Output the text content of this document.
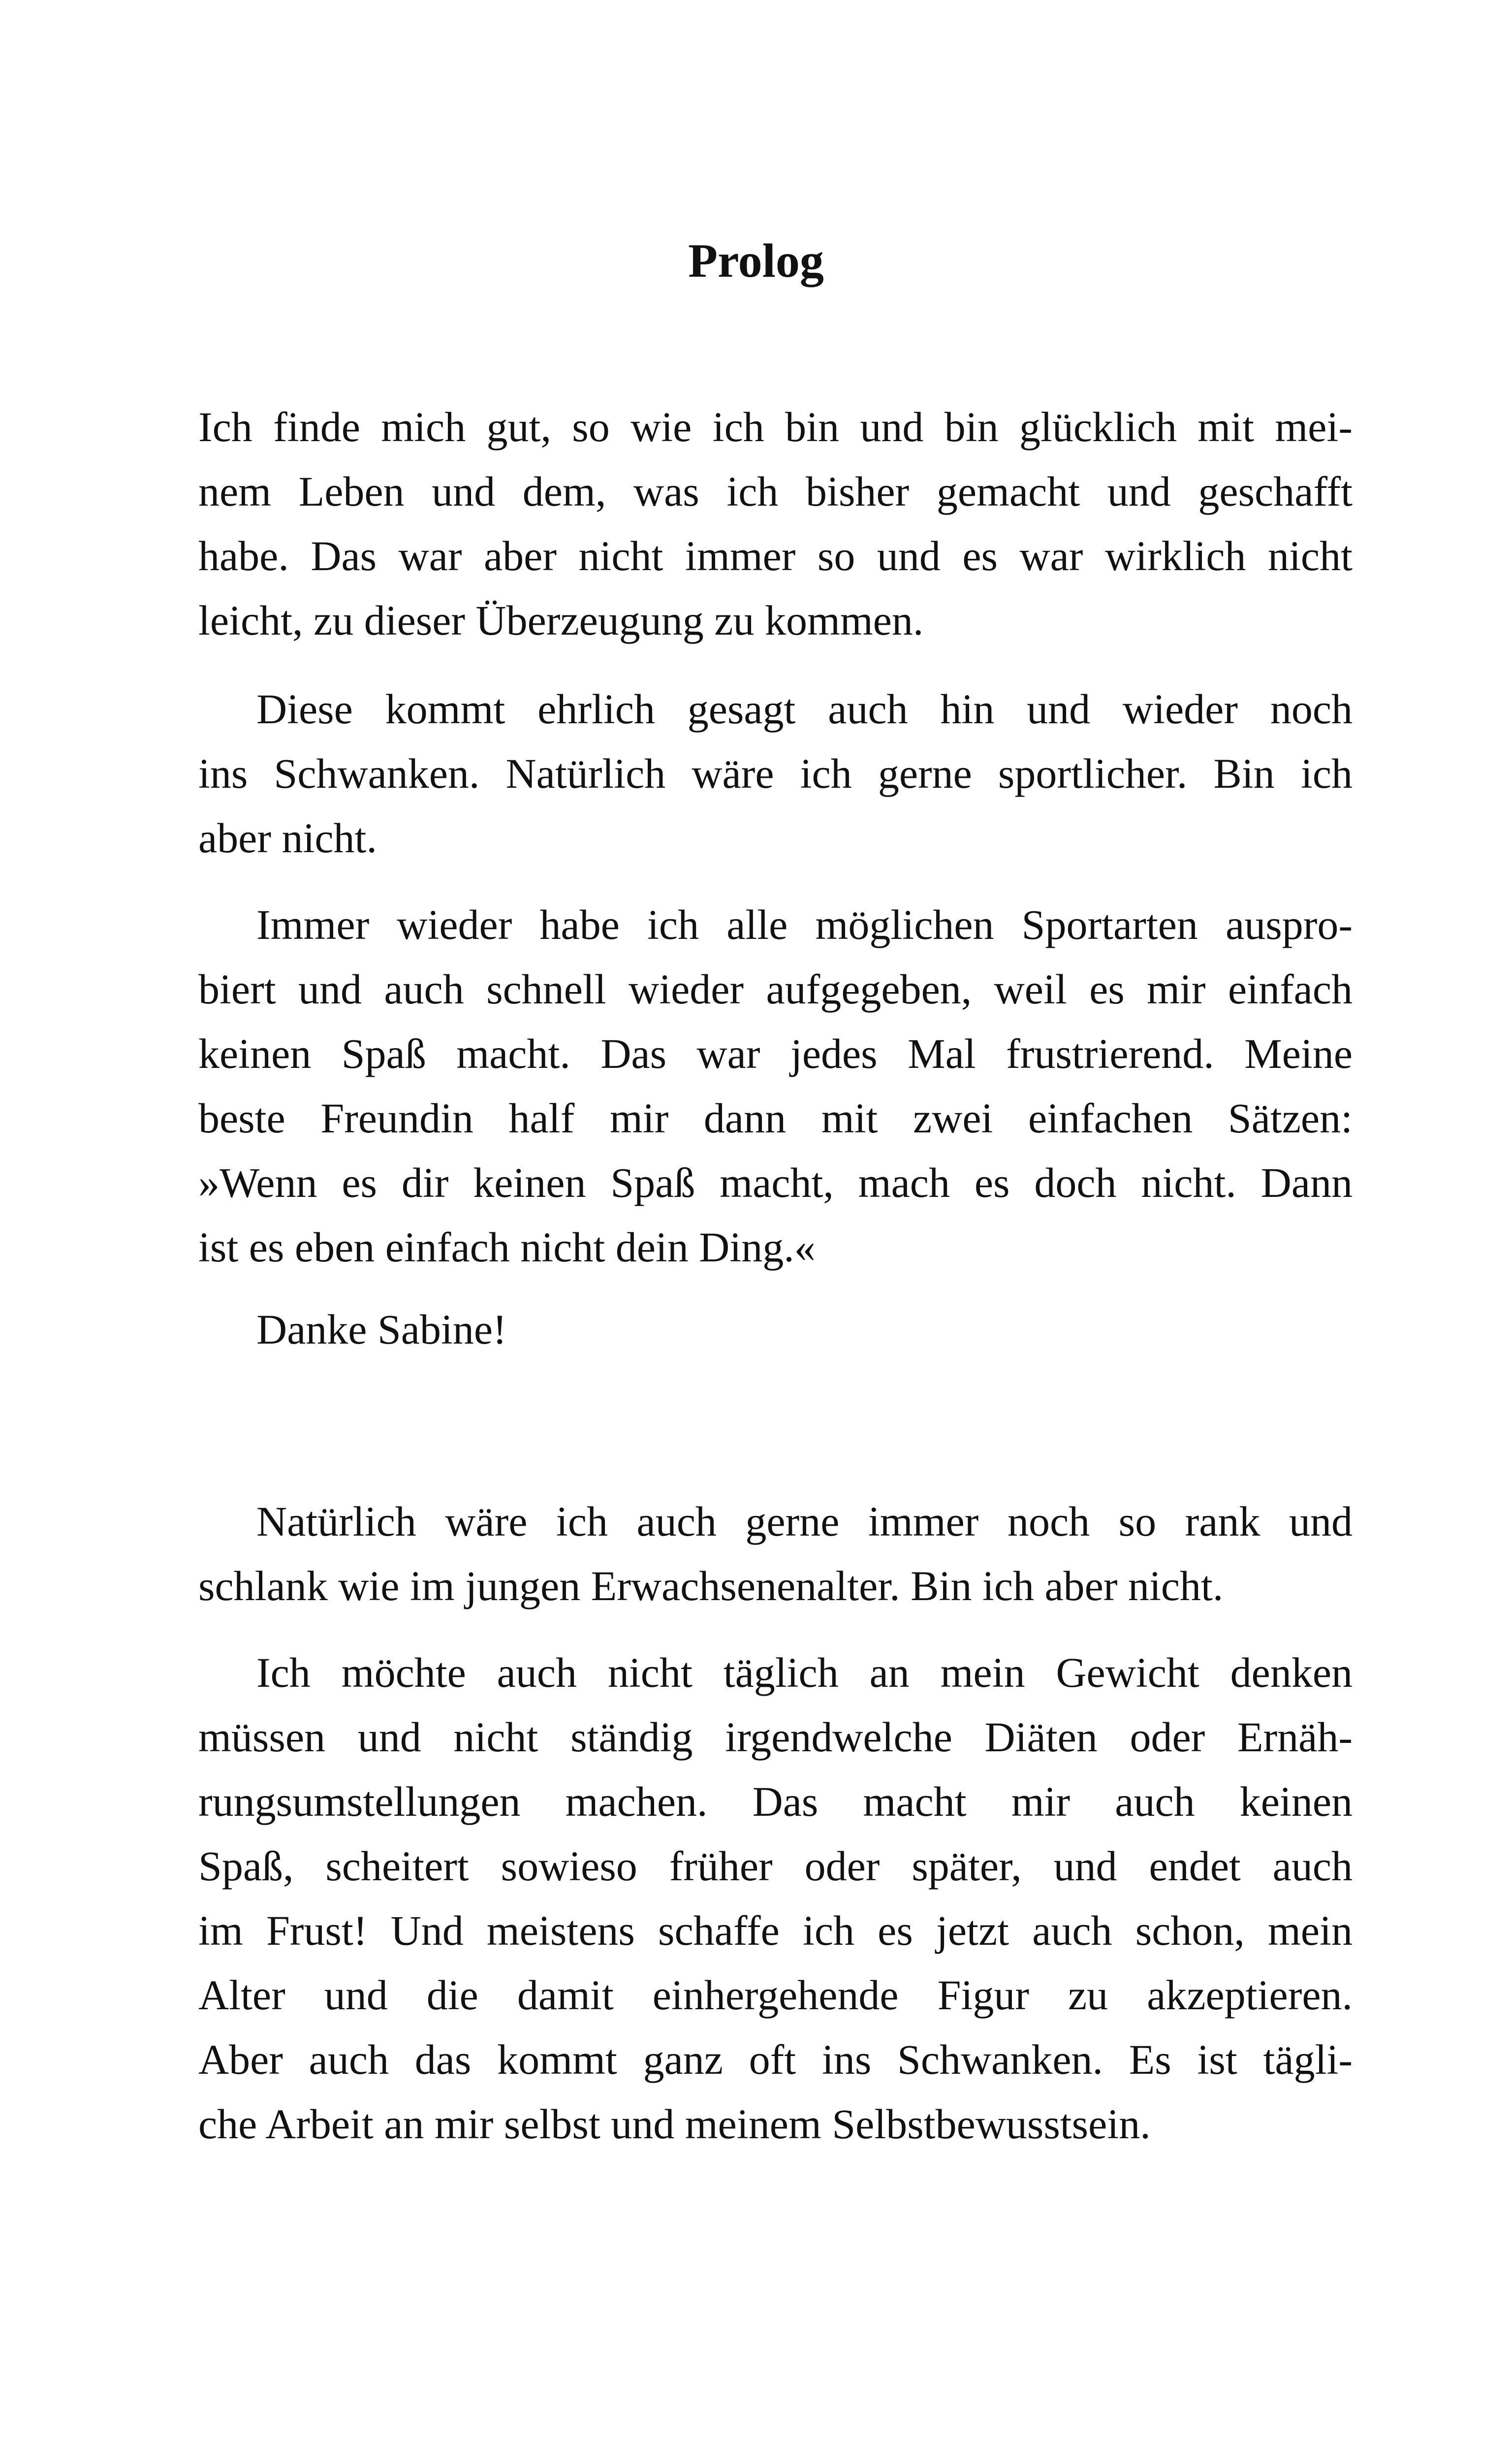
Prolog
Ich finde mich gut, so wie ich bin und bin glücklich mit mei-
nem Leben und dem, was ich bisher gemacht und geschafft
habe. Das war aber nicht immer so und es war wirklich nicht
leicht, zu dieser Überzeugung zu kommen.
Diese kommt ehrlich gesagt auch hin und wieder noch
ins Schwanken. Natürlich wäre ich gerne sportlicher. Bin ich
aber nicht.
Immer wieder habe ich alle möglichen Sportarten auspro-
biert und auch schnell wieder aufgegeben, weil es mir einfach
keinen Spaß macht. Das war jedes Mal frustrierend. Meine
beste Freundin half mir dann mit zwei einfachen Sätzen:
»Wenn es dir keinen Spaß macht, mach es doch nicht. Dann
ist es eben einfach nicht dein Ding.«
Danke Sabine!
Natürlich wäre ich auch gerne immer noch so rank und
schlank wie im jungen Erwachsenenalter. Bin ich aber nicht.
Ich möchte auch nicht täglich an mein Gewicht denken
müssen und nicht ständig irgendwelche Diäten oder Ernäh-
rungsumstellungen machen. Das macht mir auch keinen
Spaß, scheitert sowieso früher oder später, und endet auch
im Frust! Und meistens schaffe ich es jetzt auch schon, mein
Alter und die damit einhergehende Figur zu akzeptieren.
Aber auch das kommt ganz oft ins Schwanken. Es ist tägli-
che Arbeit an mir selbst und meinem Selbstbewusstsein.
